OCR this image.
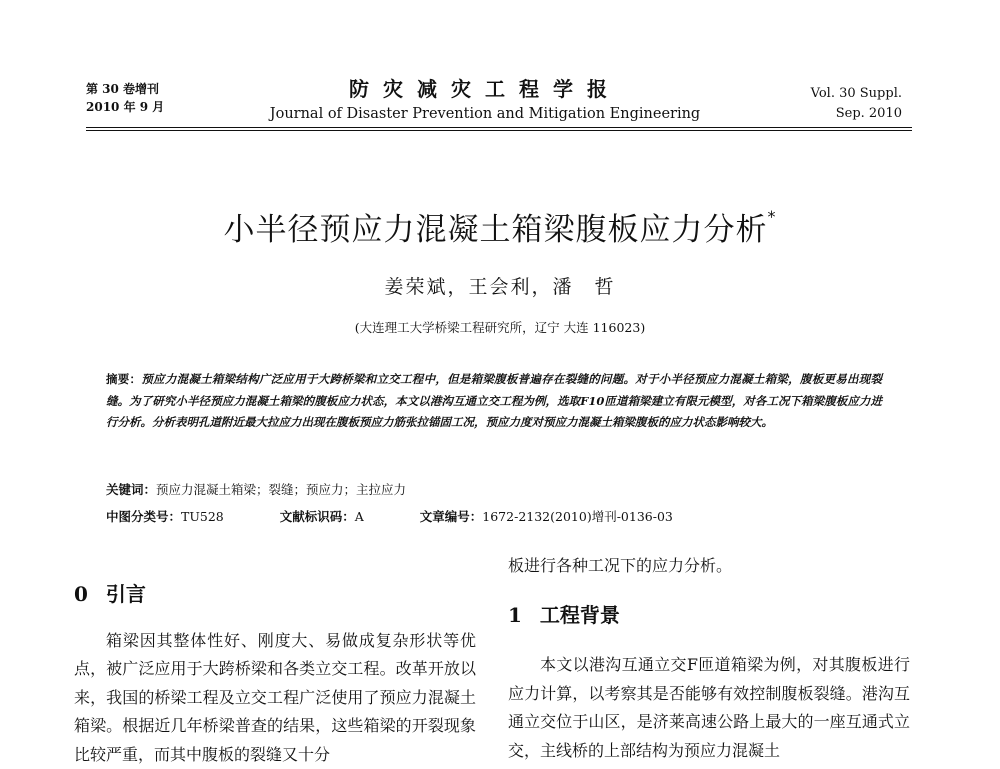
第 30 卷增刊
2010 年 9 月
防灾减灾工程学报
Journal of Disaster Prevention and Mitigation Engineering
Vol. 30 Suppl.
Sep. 2010
小半径预应力混凝土箱梁腹板应力分析*
姜荣斌，王会利，潘　哲
(大连理工大学桥梁工程研究所，辽宁 大连 116023)
摘要：预应力混凝土箱梁结构广泛应用于大跨桥梁和立交工程中，但是箱梁腹板普遍存在裂缝的问题。对于小半径预应力混凝土箱梁，腹板更易出现裂缝。为了研究小半径预应力混凝土箱梁的腹板应力状态，本文以港沟互通立交工程为例，选取F10匝道箱梁建立有限元模型，对各工况下箱梁腹板应力进行分析。分析表明孔道附近最大拉应力出现在腹板预应力筋张拉锚固工况，预应力度对预应力混凝土箱梁腹板的应力状态影响较大。
关键词：预应力混凝土箱梁；裂缝；预应力；主拉应力
中图分类号：TU528	文献标识码：A	文章编号：1672-2132(2010)增刊-0136-03
0 引言

箱梁因其整体性好、刚度大、易做成复杂形状等优点，被广泛应用于大跨桥梁和各类立交工程。改革开放以来，我国的桥梁工程及立交工程广泛使用了预应力混凝土箱梁。根据近几年桥梁普查的结果，这些箱梁的开裂现象比较严重，而其中腹板的裂缝又十分

板进行各种工况下的应力分析。

1 工程背景

本文以港沟互通立交F匝道箱梁为例，对其腹板进行应力计算，以考察其是否能够有效控制腹板裂缝。港沟互通立交位于山区，是济莱高速公路上最大的一座互通式立交，主线桥的上部结构为预应力混凝土
